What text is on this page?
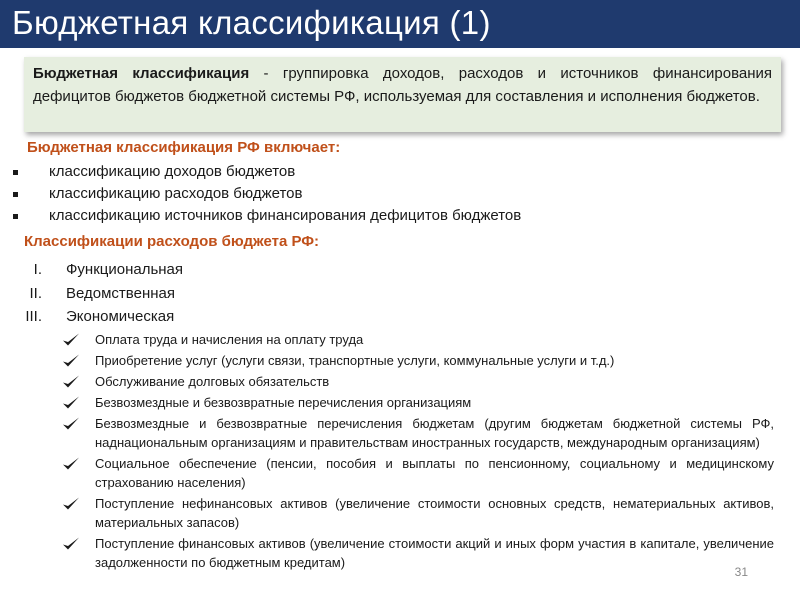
Бюджетная классификация (1)
Бюджетная классификация - группировка доходов, расходов и источников финансирования дефицитов бюджетов бюджетной системы РФ, используемая для составления и исполнения бюджетов.
Бюджетная классификация РФ включает:
классификацию доходов бюджетов
классификацию расходов бюджетов
классификацию источников финансирования дефицитов бюджетов
Классификации расходов бюджета РФ:
I. Функциональная
II. Ведомственная
III. Экономическая
Оплата труда и начисления на оплату труда
Приобретение услуг (услуги связи, транспортные услуги, коммунальные услуги и т.д.)
Обслуживание долговых обязательств
Безвозмездные и безвозвратные перечисления организациям
Безвозмездные и безвозвратные перечисления бюджетам (другим бюджетам бюджетной системы РФ, наднациональным организациям и правительствам иностранных государств, международным организациям)
Социальное обеспечение (пенсии, пособия и выплаты по пенсионному, социальному и медицинскому страхованию населения)
Поступление нефинансовых активов (увеличение стоимости основных средств, нематериальных активов, материальных запасов)
Поступление финансовых активов (увеличение стоимости акций и иных форм участия в капитале, увеличение задолженности по бюджетным кредитам)
31
